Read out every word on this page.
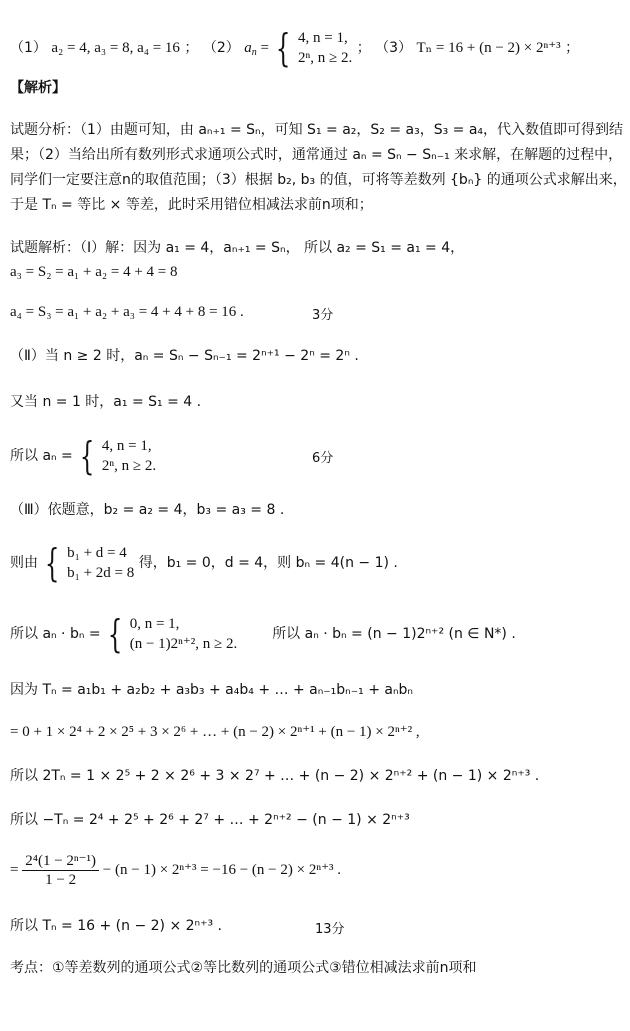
（1） a₂ = 4, a₃ = 8, a₄ = 16 ； （2） $a_n$ = { 4, n = 1,
2ⁿ, n ≥ 2.
； （3） Tₙ = 16 + (n − 2) × 2ⁿ⁺³ ；
【解析】
试题分析：（1）由题可知，由 aₙ₊₁ = Sₙ，可知 S₁ = a₂，S₂ = a₃，S₃ = a₄，代入数值即可得到结
果；（2）当给出所有数列形式求通项公式时，通常通过 aₙ = Sₙ − Sₙ₋₁ 来求解，在解题的过程中，
同学们一定要注意n的取值范围；（3）根据 b₂, b₃ 的值，可将等差数列 {bₙ} 的通项公式求解出来，
于是 Tₙ = 等比 × 等差，此时采用错位相减法求前n项和；
试题解析：（Ⅰ）解：因为 a₁ = 4，aₙ₊₁ = Sₙ， 所以 a₂ = S₁ = a₁ = 4，
a₃ = S₂ = a₁ + a₂ = 4 + 4 = 8
a₄ = S₃ = a₁ + a₂ + a₃ = 4 + 4 + 8 = 16 .	3分
（Ⅱ）当 n ≥ 2 时，aₙ = Sₙ − Sₙ₋₁ = 2ⁿ⁺¹ − 2ⁿ = 2ⁿ .
又当 n = 1 时，a₁ = S₁ = 4 .
所以 aₙ = { 4, n = 1,
2ⁿ, n ≥ 2.	6分
（Ⅲ）依题意，b₂ = a₂ = 4，b₃ = a₃ = 8 .
则由 { b₁ + d = 4
b₁ + 2d = 8
得，b₁ = 0，d = 4，则 bₙ = 4(n − 1) .
所以 aₙ · bₙ = { 0, n = 1,
(n − 1)2ⁿ⁺², n ≥ 2.
所以 aₙ · bₙ = (n − 1)2ⁿ⁺² (n ∈ N*) .
因为 Tₙ = a₁b₁ + a₂b₂ + a₃b₃ + a₄b₄ + … + aₙ₋₁bₙ₋₁ + aₙbₙ
= 0 + 1 × 2⁴ + 2 × 2⁵ + 3 × 2⁶ + … + (n − 2) × 2ⁿ⁺¹ + (n − 1) × 2ⁿ⁺² ,
所以 2Tₙ = 1 × 2⁵ + 2 × 2⁶ + 3 × 2⁷ + … + (n − 2) × 2ⁿ⁺² + (n − 1) × 2ⁿ⁺³ .
所以 −Tₙ = 2⁴ + 2⁵ + 2⁶ + 2⁷ + … + 2ⁿ⁺² − (n − 1) × 2ⁿ⁺³
= $\frac{\text{2⁴(1 − 2ⁿ⁻¹)}}{1 - 2} - (n - 1) \times 2^{n+3} = -16 - (n - 2) \times 2^{n+3}$ .
所以 Tₙ = 16 + (n − 2) × 2ⁿ⁺³ .	13分
考点：①等差数列的通项公式②等比数列的通项公式③错位相减法求前n项和
